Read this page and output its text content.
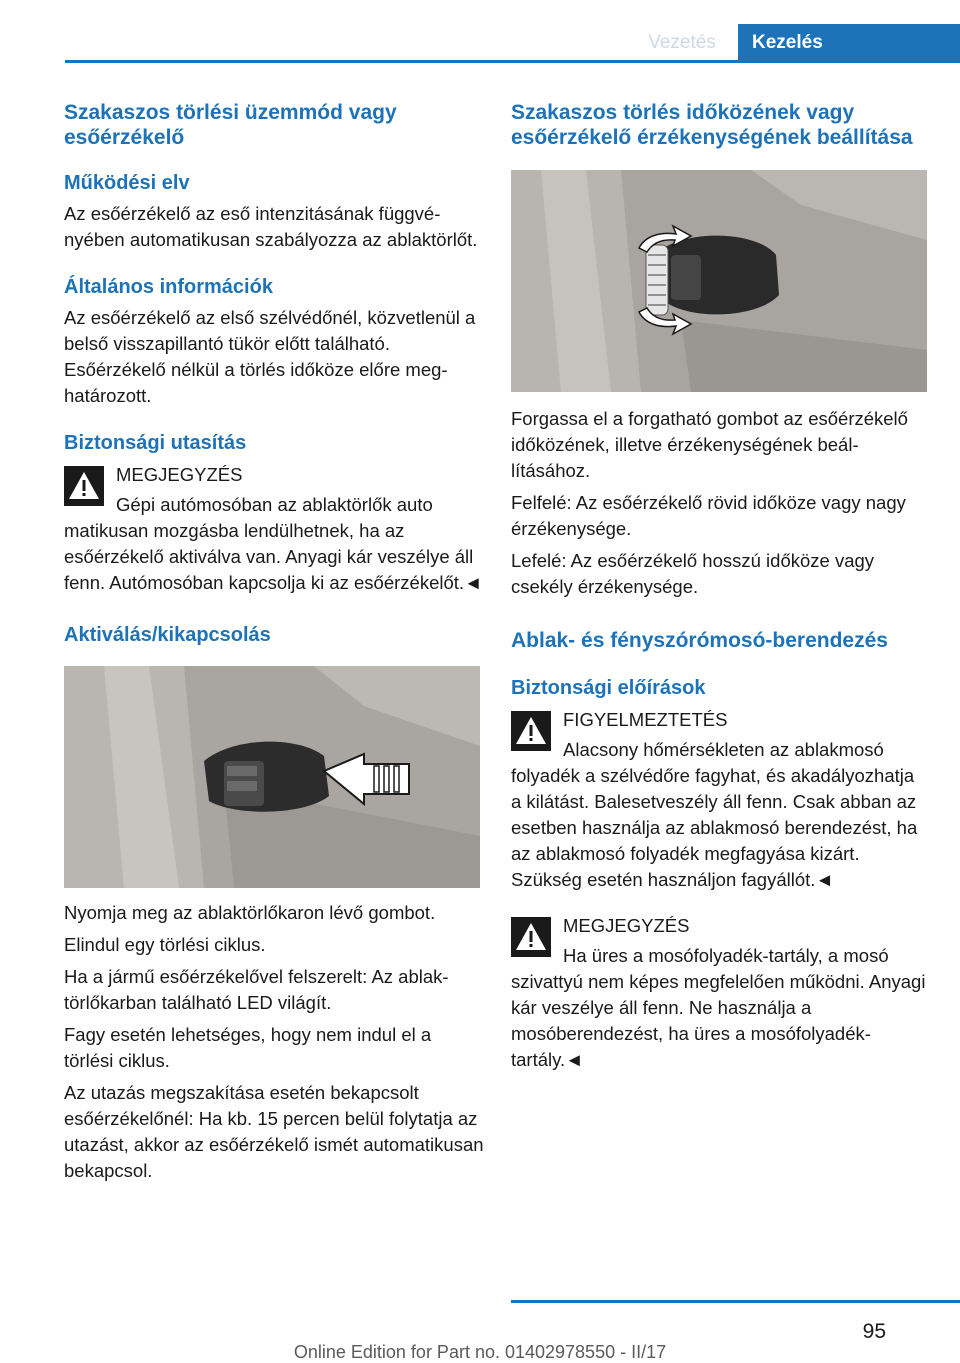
Vezetés	Kezelés
Szakaszos törlési üzemmód vagy esőérzékelő
Működési elv

Az esőérzékelő az eső intenzitásának függvényében automatikusan szabályozza az ablaktörlőt.

Általános információk

Az esőérzékelő az első szélvédőnél, közvetlenül a belső visszapillantó tükör előtt található. Esőérzékelő nélkül a törlés időköze előre meghatározott.

Biztonsági utasítás

MEGJEGYZÉS

Gépi autómosóban az ablaktörlők auto

matikusan mozgásba lendülhetnek, ha az esőérzékelő aktiválva van. Anyagi kár veszélye áll fenn. Autómosóban kapcsolja ki az esőérzékelőt.◄

Aktiválás/kikapcsolás

Nyomja meg az ablaktörlőkaron lévő gombot.

Elindul egy törlési ciklus.

Ha a jármű esőérzékelővel felszerelt: Az ablaktörlőkarban található LED világít.

Fagy esetén lehetséges, hogy nem indul el a törlési ciklus.

Az utazás megszakítása esetén bekapcsolt esőérzékelőnél: Ha kb. 15 percen belül folytatja az utazást, akkor az esőérzékelő ismét automatikusan bekapcsol.

Szakaszos törlés időközének vagy esőérzékelő érzékenységének beállítása

Forgassa el a forgatható gombot az esőérzékelő időközének, illetve érzékenységének beállításához.

Felfelé: Az esőérzékelő rövid időköze vagy nagy érzékenysége.

Lefelé: Az esőérzékelő hosszú időköze vagy csekély érzékenysége.

Ablak- és fényszórómosó-berendezés
Biztonsági előírások

FIGYELMEZTETÉS

Alacsony hőmérsékleten az ablakmosó

folyadék a szélvédőre fagyhat, és akadályozhatja a kilátást. Balesetveszély áll fenn. Csak abban az esetben használja az ablakmosó berendezést, ha az ablakmosó folyadék megfagyása kizárt. Szükség esetén használjon fagyállót.◄

MEGJEGYZÉS

Ha üres a mosófolyadék-tartály, a mosó

szivattyú nem képes megfelelően működni. Anyagi kár veszélye áll fenn. Ne használja a mosóberendezést, ha üres a mosófolyadéktartály.◄

95
Online Edition for Part no. 01402978550 - II/17
